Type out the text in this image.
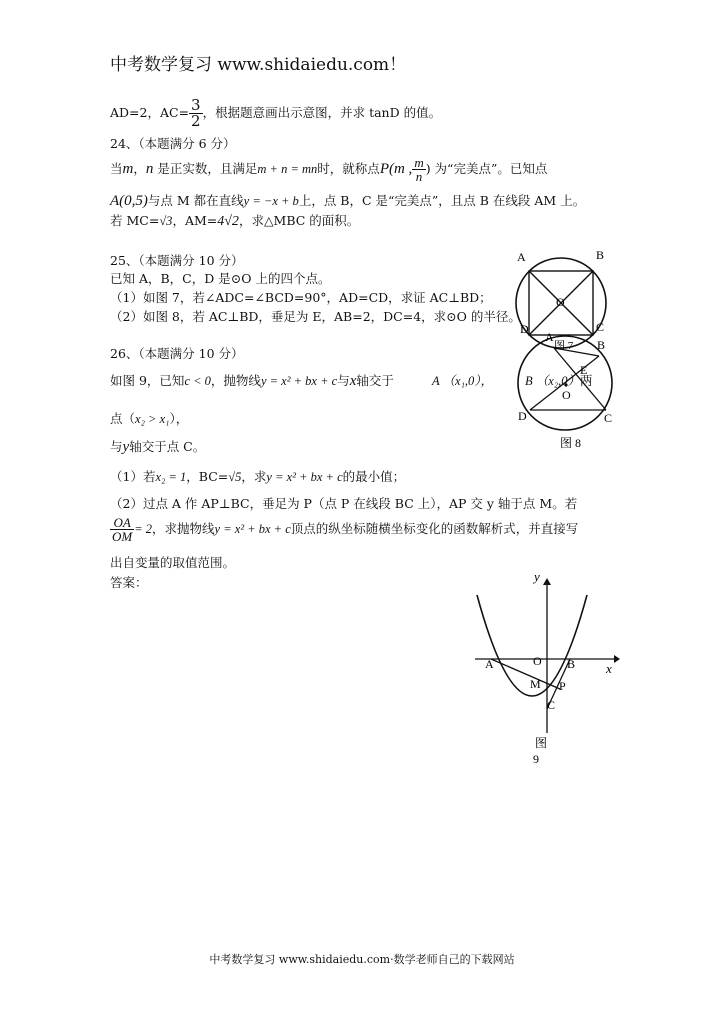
中考数学复习 www.shidaiedu.com！
AD=2，$AC= \frac{3}{2}$ ，根据题意画出示意图，并求 tanD 的值。
24、（本题满分 6 分）
当m，n 是正实数，且满足m + n = mn时，就称点P(m , $\frac{m}{n}$ ) 为“完美点”。已知点
A(0,5)与点 M 都在直线y = −x + b上，点 B，C 是“完美点”，且点 B 在线段 AM 上。
若 MC=√3，AM=4√2，求△MBC 的面积。
25、（本题满分 10 分）
已知 A，B，C，D 是⊙O 上的四个点。
（1）如图 7，若∠ADC=∠BCD=90°，AD=CD，求证 AC⊥BD；
（2）如图 8，若 AC⊥BD，垂足为 E，AB=2，DC=4，求⊙O 的半径。
A	B
C
D
O
图 7
A
B
E
O
D	C
图 8
26、（本题满分 10 分）
如图 9，已知c < 0，抛物线y = x² + bx + c与x轴交于	A （x₁,0），	B （x₂,0）两
点（x₂ > x₁），
与y轴交于点 C。
（1）若x₂ = 1，BC=√5，求y = x² + bx + c的最小值；
（2）过点 A 作 AP⊥BC，垂足为 P（点 P 在线段 BC 上），AP 交 y 轴于点 M。若
$\frac{OA}{OM} = 2$，求抛物线y = x² + bx + c顶点的纵坐标随横坐标变化的函数解析式，并直接写
出自变量的取值范围。
答案：	y
x
A	O B
M P
C
图
9
中考数学复习 www.shidaiedu.com·数学老师自己的下载网站
